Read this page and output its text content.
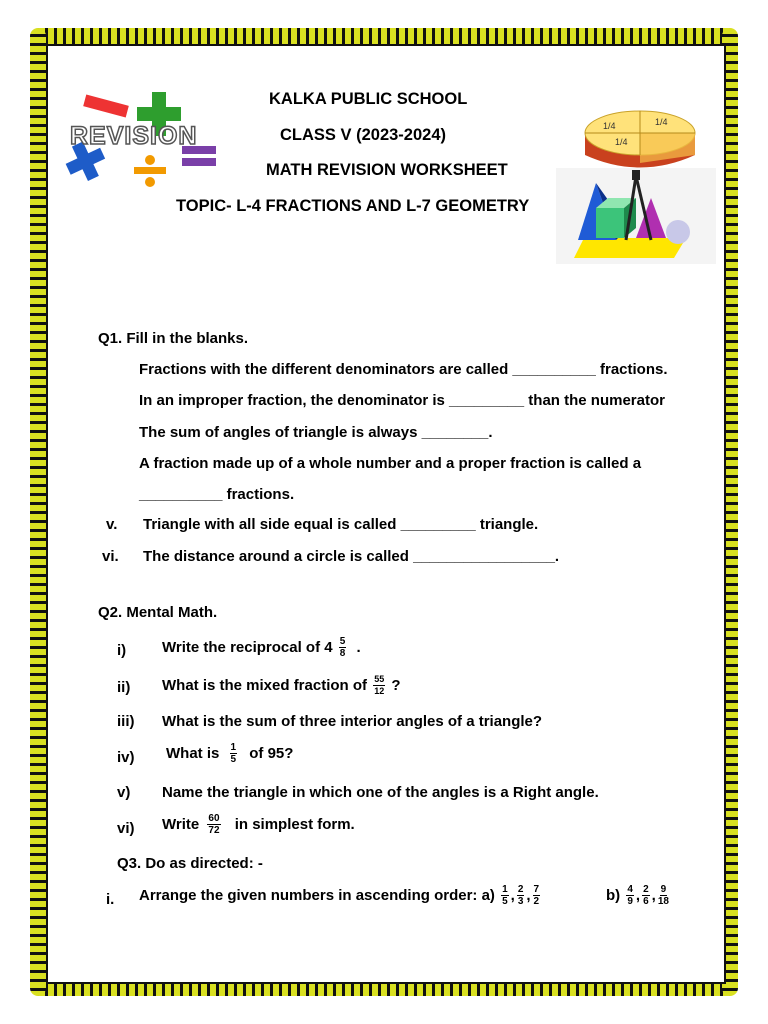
REVISION	1/4	1/4
1/4
KALKA PUBLIC SCHOOL
CLASS V (2023-2024)
MATH REVISION WORKSHEET
TOPIC- L-4 FRACTIONS AND L-7 GEOMETRY
Q1. Fill in the blanks.
Fractions with the different denominators are called __________ fractions.
In an improper fraction, the denominator is _________ than the numerator
The sum of angles of triangle is always ________.
A fraction made up of a whole number and a proper fraction is called a
__________ fractions.
v. Triangle with all side equal is called _________ triangle.
vi. The distance around a circle is called _________________.
Q2. Mental Math.
i) Write the reciprocal of $4 \frac{5}{8}$ .
ii) What is the mixed fraction of $\frac{55}{12}$ ?
iii) What is the sum of three interior angles of a triangle?
iv) What is $\frac{1}{5}$ of 95?
v) Name the triangle in which one of the angles is a Right angle.
vi) Write $\frac{60}{72}$ in simplest form.
Q3. Do as directed: -
i. Arrange the given numbers in ascending order: $a) \frac{1}{5}$ , $\frac{2}{3}$ , $\frac{7}{2}$	$b) \frac{4}{9}$ , $\frac{2}{6}$ , $\frac{9}{18}$
